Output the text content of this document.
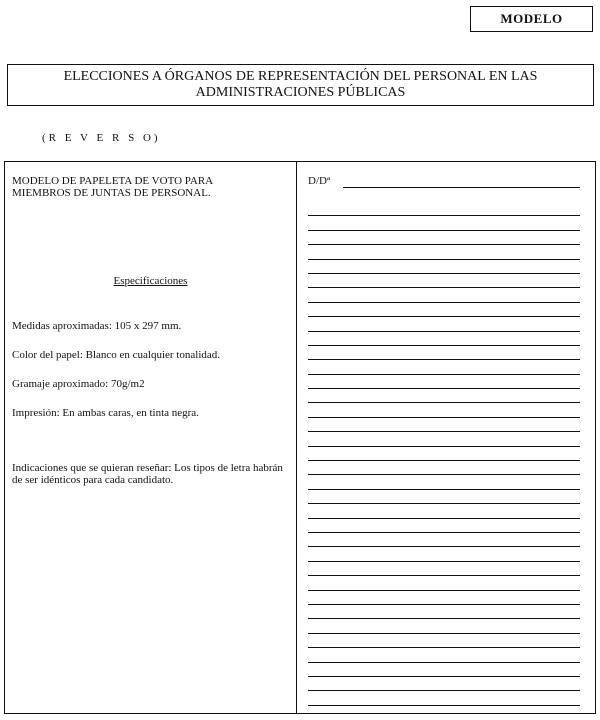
MODELO
ELECCIONES A ÓRGANOS DE REPRESENTACIÓN DEL PERSONAL EN LAS
ADMINISTRACIONES PÚBLICAS
(R E V E R S O)
MODELO DE PAPELETA DE VOTO PARA MIEMBROS DE JUNTAS DE PERSONAL.
Especificaciones
Medidas aproximadas: 105 x 297 mm.
Color del papel: Blanco en cualquier tonalidad.
Gramaje aproximado: 70g/m2
Impresión: En ambas caras, en tinta negra.
Indicaciones que se quieran reseñar: Los tipos de letra habrán de ser idénticos para cada candidato.
D/Dª
